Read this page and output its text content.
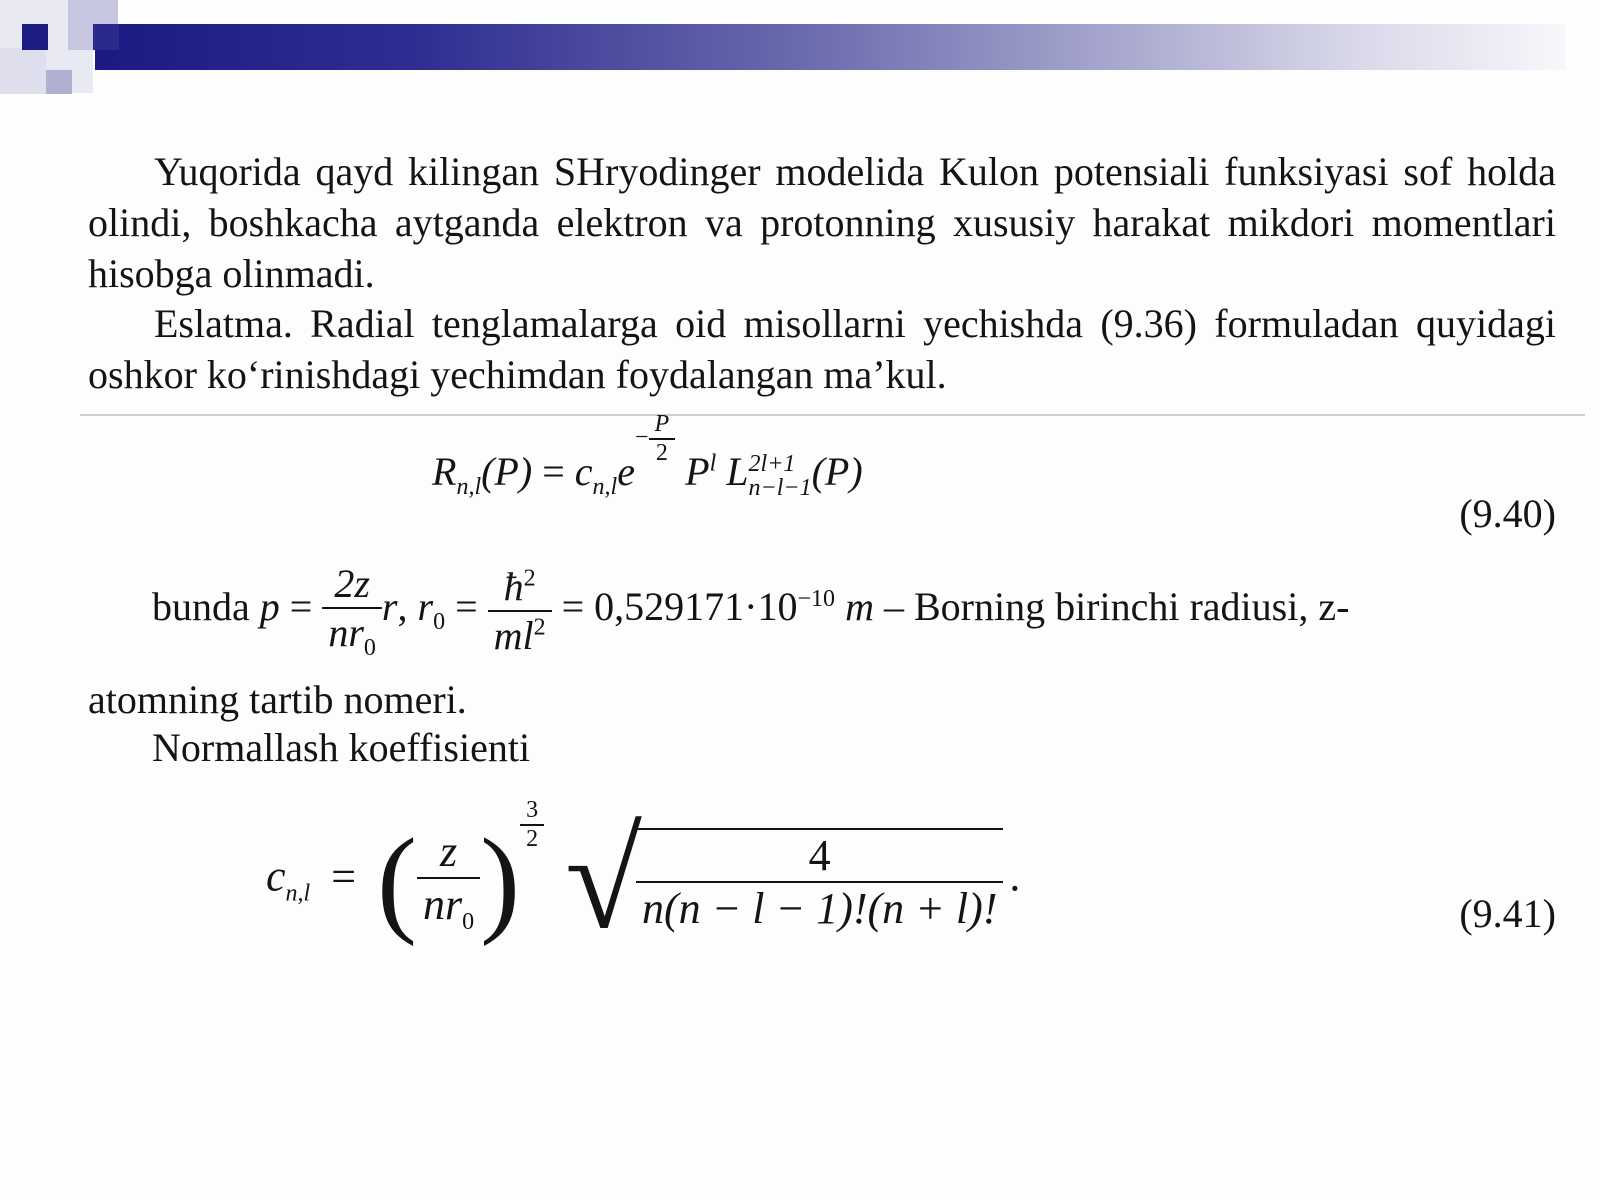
Yuqorida qayd kilingan SHryodinger modelida Kulon potensiali funksiyasi sof holda olindi, boshkacha aytganda elektron va protonning xususiy harakat mikdori momentlari hisobga olinmadi.
Eslatma. Radial tenglamalarga oid misollarni yechishda (9.36) formuladan quyidagi oshkor ko‘rinishdagi yechimdan foydalangan ma’kul.
$R_{n,l}(P) = c_{n,l}e- \frac{P}{2}$
$P^l$ L 2l+1
n−l−1 (P)
(9.40)
bunda $p = \frac{2z}{nr_0} r$, $r_0 = \frac{ħ^2}{ml^2} = 0,529171\cdot 10^{-10}$ m – Borning birinchi radiusi, z-
atomning tartib nomeri.
Normallash koeffisienti
$c_{n,l}$ = ( $\frac{z}{nr_0}$ ) $\frac{3}{2}$ √
$\frac{4}{n(n - l - 1)!(n + l)!}$ .
(9.41)
